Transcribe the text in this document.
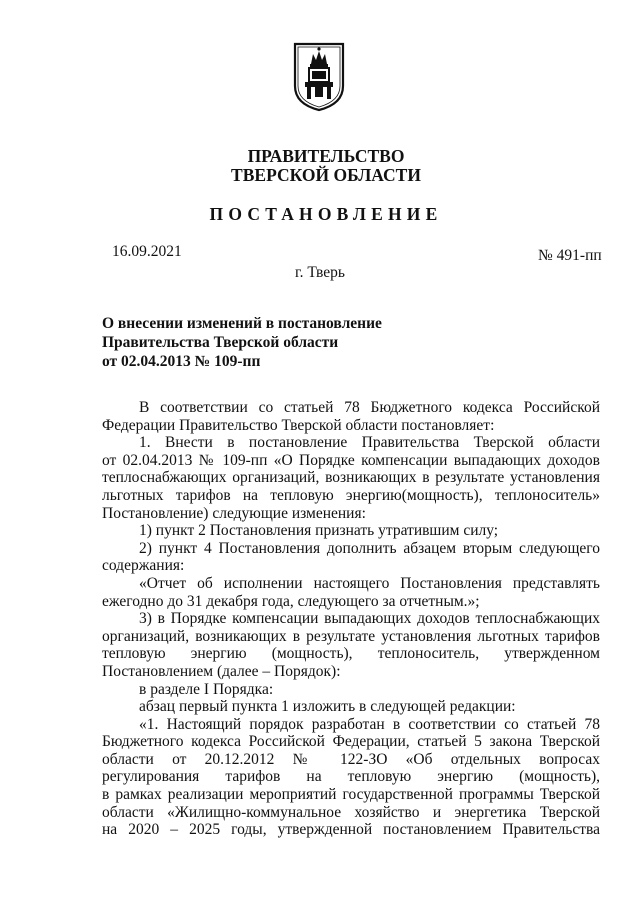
ПРАВИТЕЛЬСТВО
ТВЕРСКОЙ ОБЛАСТИ
ПОСТАНОВЛЕНИЕ
16.09.2021	№ 491-пп
г. Тверь
О внесении изменений в постановление
Правительства Тверской области
от 02.04.2013 № 109-пп
В соответствии со статьей 78 Бюджетного кодекса Российской
Федерации Правительство Тверской области постановляет:
1. Внести в постановление Правительства Тверской области
от 02.04.2013 № 109-пп «О Порядке компенсации выпадающих доходов
теплоснабжающих организаций, возникающих в результате установления
льготных тарифов на тепловую энергию(мощность), теплоноситель»
Постановление) следующие изменения:
1) пункт 2 Постановления признать утратившим силу;
2) пункт 4 Постановления дополнить абзацем вторым следующего
содержания:
«Отчет об исполнении настоящего Постановления представлять
ежегодно до 31 декабря года, следующего за отчетным.»;
3) в Порядке компенсации выпадающих доходов теплоснабжающих
организаций, возникающих в результате установления льготных тарифов
тепловую энергию (мощность), теплоноситель, утвержденном
Постановлением (далее – Порядок):
в разделе I Порядка:
абзац первый пункта 1 изложить в следующей редакции:
«1. Настоящий порядок разработан в соответствии со статьей 78
Бюджетного кодекса Российской Федерации, статьей 5 закона Тверской
области от 20.12.2012 № 122-ЗО «Об отдельных вопросах
регулирования тарифов на тепловую энергию (мощность),
в рамках реализации мероприятий государственной программы Тверской
области «Жилищно-коммунальное хозяйство и энергетика Тверской
на 2020 – 2025 годы, утвержденной постановлением Правительства
